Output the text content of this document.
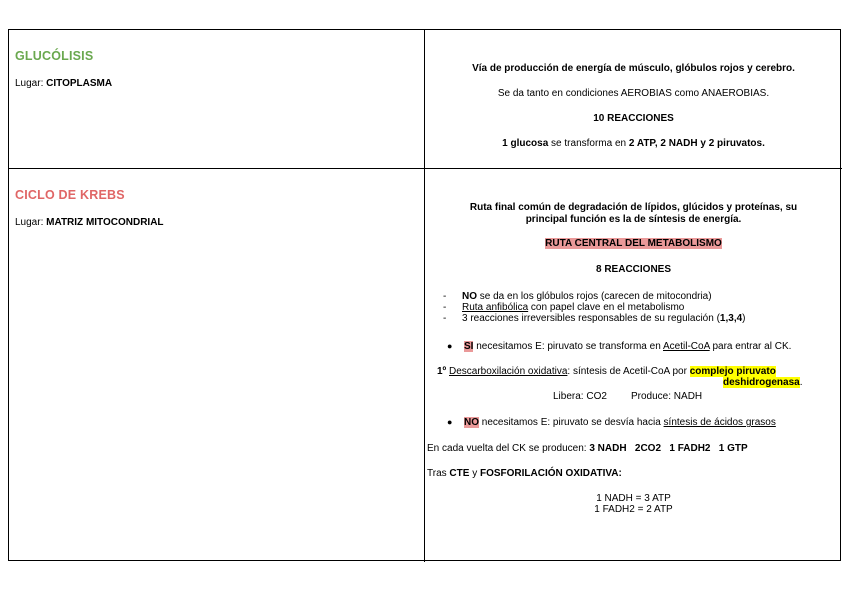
GLUCÓLISIS
Lugar: CITOPLASMA
Vía de producción de energía de músculo, glóbulos rojos y cerebro.
Se da tanto en condiciones AEROBIAS como ANAEROBIAS.
10 REACCIONES
1 glucosa se transforma en 2 ATP, 2 NADH y 2 piruvatos.
CICLO DE KREBS
Lugar: MATRIZ MITOCONDRIAL
Ruta final común de degradación de lípidos, glúcidos y proteínas, su
principal función es la de síntesis de energía.
RUTA CENTRAL DEL METABOLISMO
8 REACCIONES
-	NO se da en los glóbulos rojos (carecen de mitocondria)
-	Ruta anfibólica con papel clave en el metabolismo
-	3 reacciones irreversibles responsables de su regulación (1,3,4)
●	SI necesitamos E: piruvato se transforma en Acetil-CoA para entrar al CK.
1º Descarboxilación oxidativa: síntesis de Acetil-CoA por complejo piruvato
deshidrogenasa.
Libera: CO2 Produce: NADH
●	NO necesitamos E: piruvato se desvía hacia síntesis de ácidos grasos
En cada vuelta del CK se producen: 3 NADH   2CO2   1 FADH2   1 GTP
Tras CTE y FOSFORILACIÓN OXIDATIVA:
1 NADH = 3 ATP
1 FADH2 = 2 ATP
